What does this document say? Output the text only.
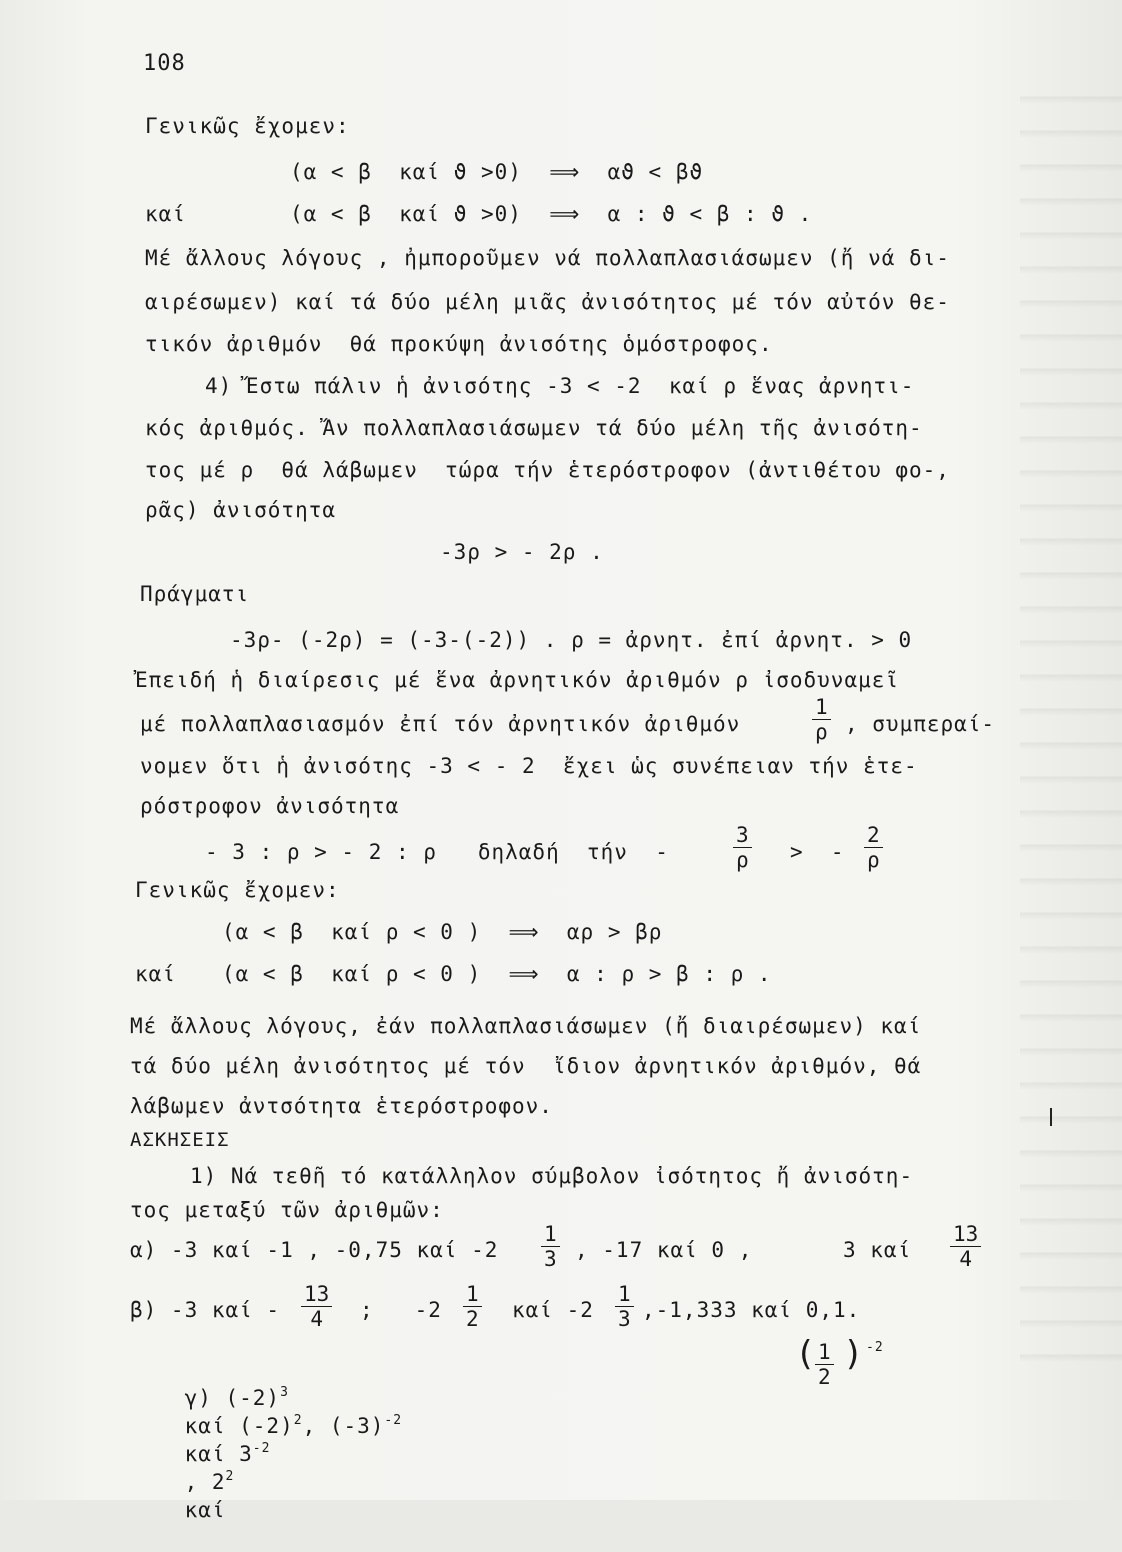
108
Γενικῶς ἔχομεν:
(α < β  καί ϑ >0)  ⟹  αϑ < βϑ
καί	(α < β  καί ϑ >0)  ⟹  α : ϑ < β : ϑ .
Μέ ἄλλους λόγους , ἠμποροῦμεν νά πολλαπλασιάσωμεν (ἤ νά δι-
αιρέσωμεν) καί τά δύο μέλη μιᾶς ἀνισότητος μέ τόν αὐτόν θε-
τικόν ἀριθμόν  θά προκύψη ἀνισότης ὁμόστροφος.
4) Ἔστω πάλιν ἡ ἀνισότης -3 < -2  καί ρ ἕνας ἀρνητι-
κός ἀριθμός. Ἄν πολλαπλασιάσωμεν τά δύο μέλη τῆς ἀνισότη-
τος μέ ρ  θά λάβωμεν  τώρα τήν ἑτερόστροφον (ἀντιθέτου φο-,
ρᾶς) ἀνισότητα
-3ρ > - 2ρ .
Πράγματι
-3ρ- (-2ρ) = (-3-(-2)) . ρ = ἀρνητ. ἐπί ἀρνητ. > 0
Ἐπειδή ἡ διαίρεσις μέ ἕνα ἀρνητικόν ἀριθμόν ρ ἰσοδυναμεῖ
μέ πολλαπλασιασμόν ἐπί τόν ἀρνητικόν ἀριθμόν	$\frac{1}{\rho}$ , συμπεραί-
νομεν ὅτι ἡ ἀνισότης -3 < - 2  ἔχει ὡς συνέπειαν τήν ἑτε-
ρόστροφον ἀνισότητα
- 3 : ρ > - 2 : ρ   δηλαδή  τήν  -	$\frac{3}{\rho}$ >  - $\frac{2}{\rho}$
Γενικῶς ἔχομεν:
(α < β  καί ρ < 0 )  ⟹  αρ > βρ
καί (α < β  καί ρ < 0 )  ⟹  α : ρ > β : ρ .
Μέ ἄλλους λόγους, ἐάν πολλαπλασιάσωμεν (ἤ διαιρέσωμεν) καί
τά δύο μέλη ἀνισότητος μέ τόν  ἴδιον ἀρνητικόν ἀριθμόν, θά
λάβωμεν ἀντσότητα ἑτερόστροφον.
ΑΣΚΗΣΕΙΣ
1) Νά τεθῆ τό κατάλληλον σύμβολον ἰσότητος ἤ ἀνισότη-
τος μεταξύ τῶν ἀριθμῶν:
α) -3 καί -1 , -0,75 καί $-2 \frac{1}{3}$ , -17 καί 0 ,	3 καί $\frac{13}{4}$
β) -3 καί - $\frac{13}{4}$ ;   $-2 \frac{1}{2}$ καί $-2 \frac{1}{3} ,-1,333$ καί 0,1.

γ) $(-2)^3$
καί $(-2)^2$, $(-3)^{-2}$
καί $3^{-2}$
, $2^2$
καί

(
$\frac{1}{2}$ ) -2
